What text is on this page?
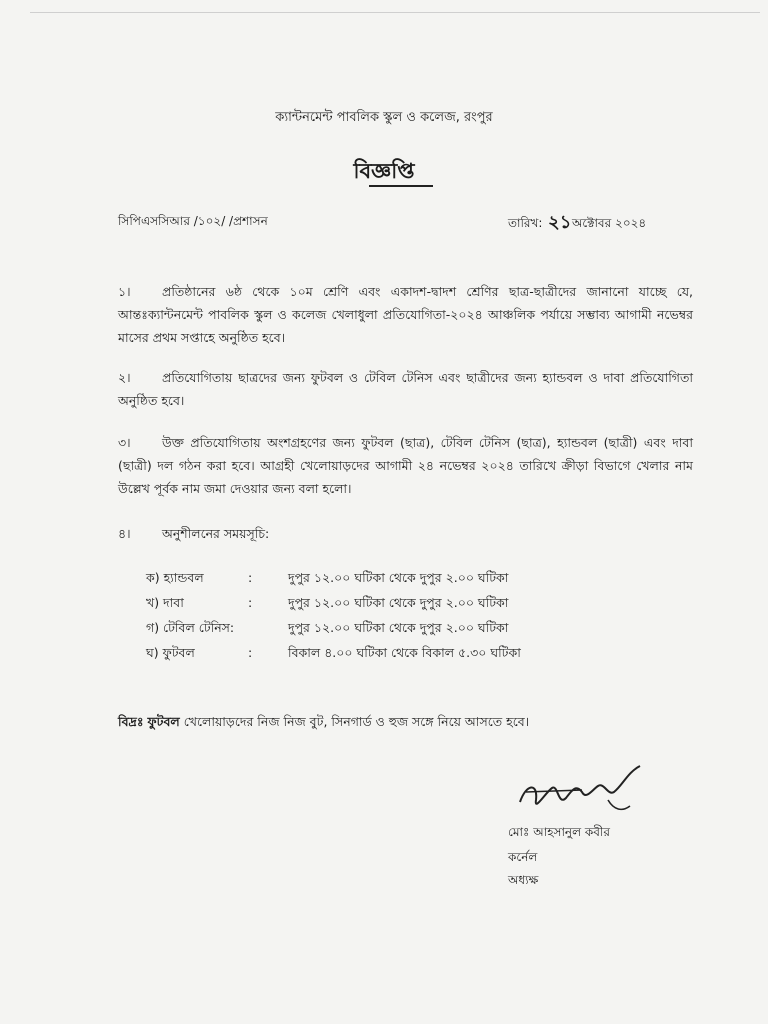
ক্যান্টনমেন্ট পাবলিক স্কুল ও কলেজ, রংপুর
বিজ্ঞপ্তি
সিপিএসসিআর /১০২/ /প্রশাসন	তারিখ: ২১ অক্টোবর ২০২৪
১।	প্রতিষ্ঠানের ৬ষ্ঠ থেকে ১০ম শ্রেণি এবং একাদশ-দ্বাদশ শ্রেণির ছাত্র-ছাত্রীদের জানানো যাচ্ছে যে, আন্তঃক্যান্টনমেন্ট পাবলিক স্কুল ও কলেজ খেলাধুলা প্রতিযোগিতা-২০২৪ আঞ্চলিক পর্যায়ে সম্ভাব্য আগামী নভেম্বর মাসের প্রথম সপ্তাহে অনুষ্ঠিত হবে।
২।	প্রতিযোগিতায় ছাত্রদের জন্য ফুটবল ও টেবিল টেনিস এবং ছাত্রীদের জন্য হ্যান্ডবল ও দাবা প্রতিযোগিতা অনুষ্ঠিত হবে।
৩।	উক্ত প্রতিযোগিতায় অংশগ্রহণের জন্য ফুটবল (ছাত্র), টেবিল টেনিস (ছাত্র), হ্যান্ডবল (ছাত্রী) এবং দাবা (ছাত্রী) দল গঠন করা হবে। আগ্রহী খেলোয়াড়দের আগামী ২৪ নভেম্বর ২০২৪ তারিখে ক্রীড়া বিভাগে খেলার নাম উল্লেখ পূর্বক নাম জমা দেওয়ার জন্য বলা হলো।
৪।	অনুশীলনের সময়সূচি:
ক) হ্যান্ডবল	:	দুপুর ১২.০০ ঘটিকা থেকে দুপুর ২.০০ ঘটিকা
খ) দাবা	:	দুপুর ১২.০০ ঘটিকা থেকে দুপুর ২.০০ ঘটিকা
গ) টেবিল টেনিস:	দুপুর ১২.০০ ঘটিকা থেকে দুপুর ২.০০ ঘটিকা
ঘ) ফুটবল	:	বিকাল ৪.০০ ঘটিকা থেকে বিকাল ৫.৩০ ঘটিকা
বিদ্রঃ ফুটবল খেলোয়াড়দের নিজ নিজ বুট, সিনগার্ড ও হুজ সঙ্গে নিয়ে আসতে হবে।
মোঃ আহসানুল কবীর
কর্নেল
অধ্যক্ষ
